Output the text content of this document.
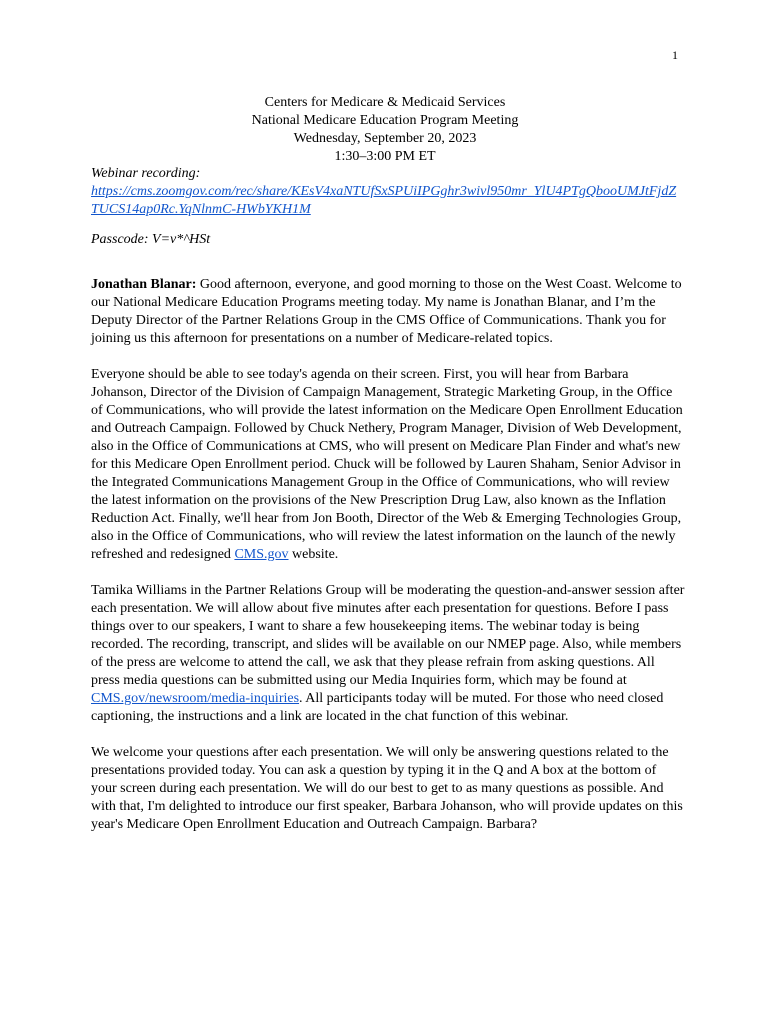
1
Centers for Medicare & Medicaid Services
National Medicare Education Program Meeting
Wednesday, September 20, 2023
1:30–3:00 PM ET
Webinar recording:
https://cms.zoomgov.com/rec/share/KEsV4xaNTUfSxSPUiIPGghr3wivl950mr_YlU4PTgQbooUMJtFjdZTUCS14ap0Rc.YqNlnmC-HWbYKH1M
Passcode: V=v*^HSt

Jonathan Blanar: Good afternoon, everyone, and good morning to those on the West Coast. Welcome to our National Medicare Education Programs meeting today. My name is Jonathan Blanar, and I’m the Deputy Director of the Partner Relations Group in the CMS Office of Communications. Thank you for joining us this afternoon for presentations on a number of Medicare-related topics.

Everyone should be able to see today's agenda on their screen. First, you will hear from Barbara Johanson, Director of the Division of Campaign Management, Strategic Marketing Group, in the Office of Communications, who will provide the latest information on the Medicare Open Enrollment Education and Outreach Campaign. Followed by Chuck Nethery, Program Manager, Division of Web Development, also in the Office of Communications at CMS, who will present on Medicare Plan Finder and what's new for this Medicare Open Enrollment period. Chuck will be followed by Lauren Shaham, Senior Advisor in the Integrated Communications Management Group in the Office of Communications, who will review the latest information on the provisions of the New Prescription Drug Law, also known as the Inflation Reduction Act. Finally, we'll hear from Jon Booth, Director of the Web & Emerging Technologies Group, also in the Office of Communications, who will review the latest information on the launch of the newly refreshed and redesigned CMS.gov website.

Tamika Williams in the Partner Relations Group will be moderating the question-and-answer session after each presentation. We will allow about five minutes after each presentation for questions. Before I pass things over to our speakers, I want to share a few housekeeping items. The webinar today is being recorded. The recording, transcript, and slides will be available on our NMEP page. Also, while members of the press are welcome to attend the call, we ask that they please refrain from asking questions. All press media questions can be submitted using our Media Inquiries form, which may be found at CMS.gov/newsroom/media-inquiries. All participants today will be muted. For those who need closed captioning, the instructions and a link are located in the chat function of this webinar.

We welcome your questions after each presentation. We will only be answering questions related to the presentations provided today. You can ask a question by typing it in the Q and A box at the bottom of your screen during each presentation. We will do our best to get to as many questions as possible. And with that, I'm delighted to introduce our first speaker, Barbara Johanson, who will provide updates on this year's Medicare Open Enrollment Education and Outreach Campaign. Barbara?
